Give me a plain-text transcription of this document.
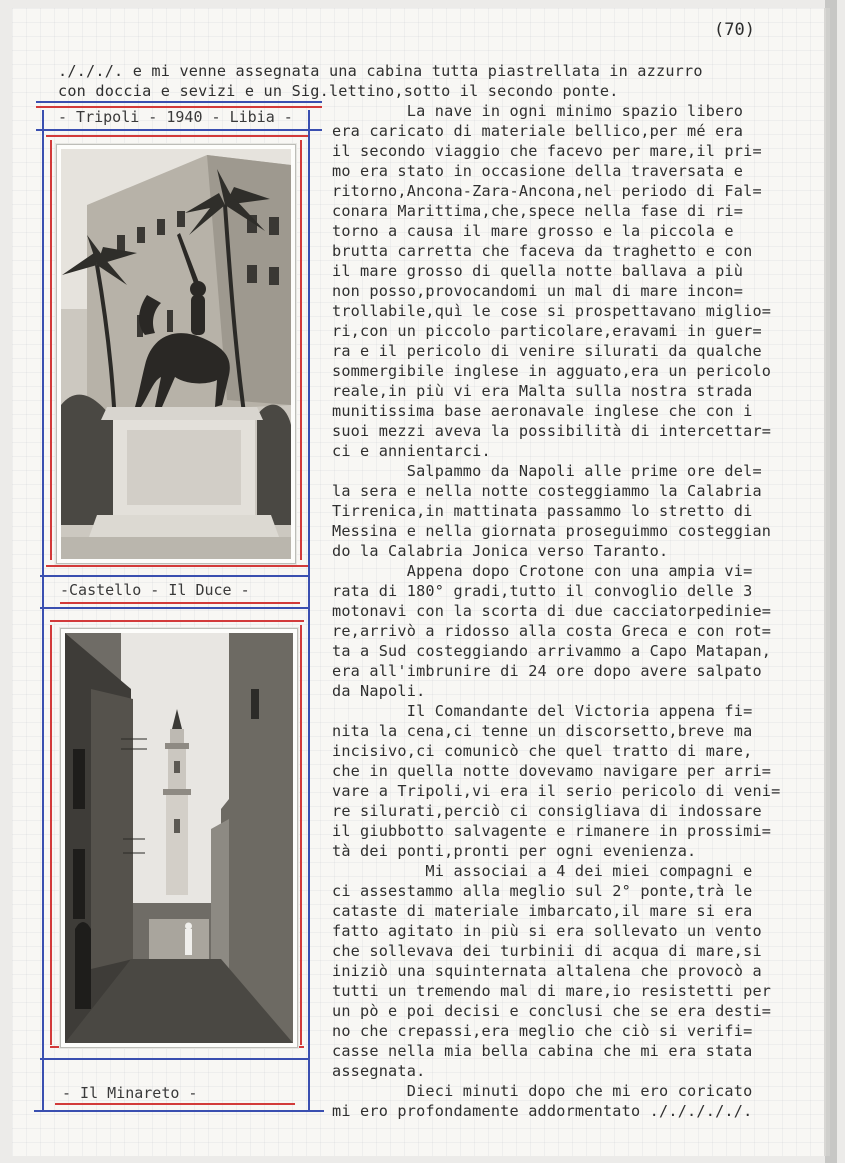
(70)
./././. e mi venne assegnata una cabina tutta piastrellata in azzurro
con doccia e sevizi e un Sig.lettino,sotto il secondo ponte.
La nave in ogni minimo spazio libero
era caricato di materiale bellico,per mé era
il secondo viaggio che facevo per mare,il pri=
mo era stato in occasione della traversata e
ritorno,Ancona-Zara-Ancona,nel periodo di Fal=
conara Marittima,che,spece nella fase di ri=
torno a causa il mare grosso e la piccola e
brutta carretta che faceva da traghetto e con
il mare grosso di quella notte ballava a più
non posso,provocandomi un mal di mare incon=
trollabile,quì le cose si prospettavano miglio=
ri,con un piccolo particolare,eravami in guer=
ra e il pericolo di venire silurati da qualche
sommergibile inglese in agguato,era un pericolo
reale,in più vi era Malta sulla nostra strada
munitissima base aeronavale inglese che con i
suoi mezzi aveva la possibilità di intercettar=
ci e annientarci.
Salpammo da Napoli alle prime ore del=
la sera e nella notte costeggiammo la Calabria
Tirrenica,in mattinata passammo lo stretto di
Messina e nella giornata proseguimmo costeggian
do la Calabria Jonica verso Taranto.
Appena dopo Crotone con una ampia vi=
rata di 180° gradi,tutto il convoglio delle 3
motonavi con la scorta di due cacciatorpedinie=
re,arrivò a ridosso alla costa Greca e con rot=
ta a Sud costeggiando arrivammo a Capo Matapan,
era all'imbrunire di 24 ore dopo avere salpato
da Napoli.
Il Comandante del Victoria appena fi=
nita la cena,ci tenne un discorsetto,breve ma
incisivo,ci comunicò che quel tratto di mare,
che in quella notte dovevamo navigare per arri=
vare a Tripoli,vi era il serio pericolo di veni=
re silurati,perciò ci consigliava di indossare
il giubbotto salvagente e rimanere in prossimi=
tà dei ponti,pronti per ogni evenienza.
Mi associai a 4 dei miei compagni e
ci assestammo alla meglio sul 2° ponte,trà le
cataste di materiale imbarcato,il mare si era
fatto agitato in più si era sollevato un vento
che sollevava dei turbinii di acqua di mare,si
iniziò una squinternata altalena che provocò a
tutti un tremendo mal di mare,io resistetti per
un pò e poi decisi e conclusi che se era desti=
no che crepassi,era meglio che ciò si verifi=
casse nella mia bella cabina che mi era stata
assegnata.
Dieci minuti dopo che mi ero coricato
mi ero profondamente addormentato ./././././.
- Tripoli - 1940 - Libia -
-Castello - Il Duce -
- Il Minareto -
